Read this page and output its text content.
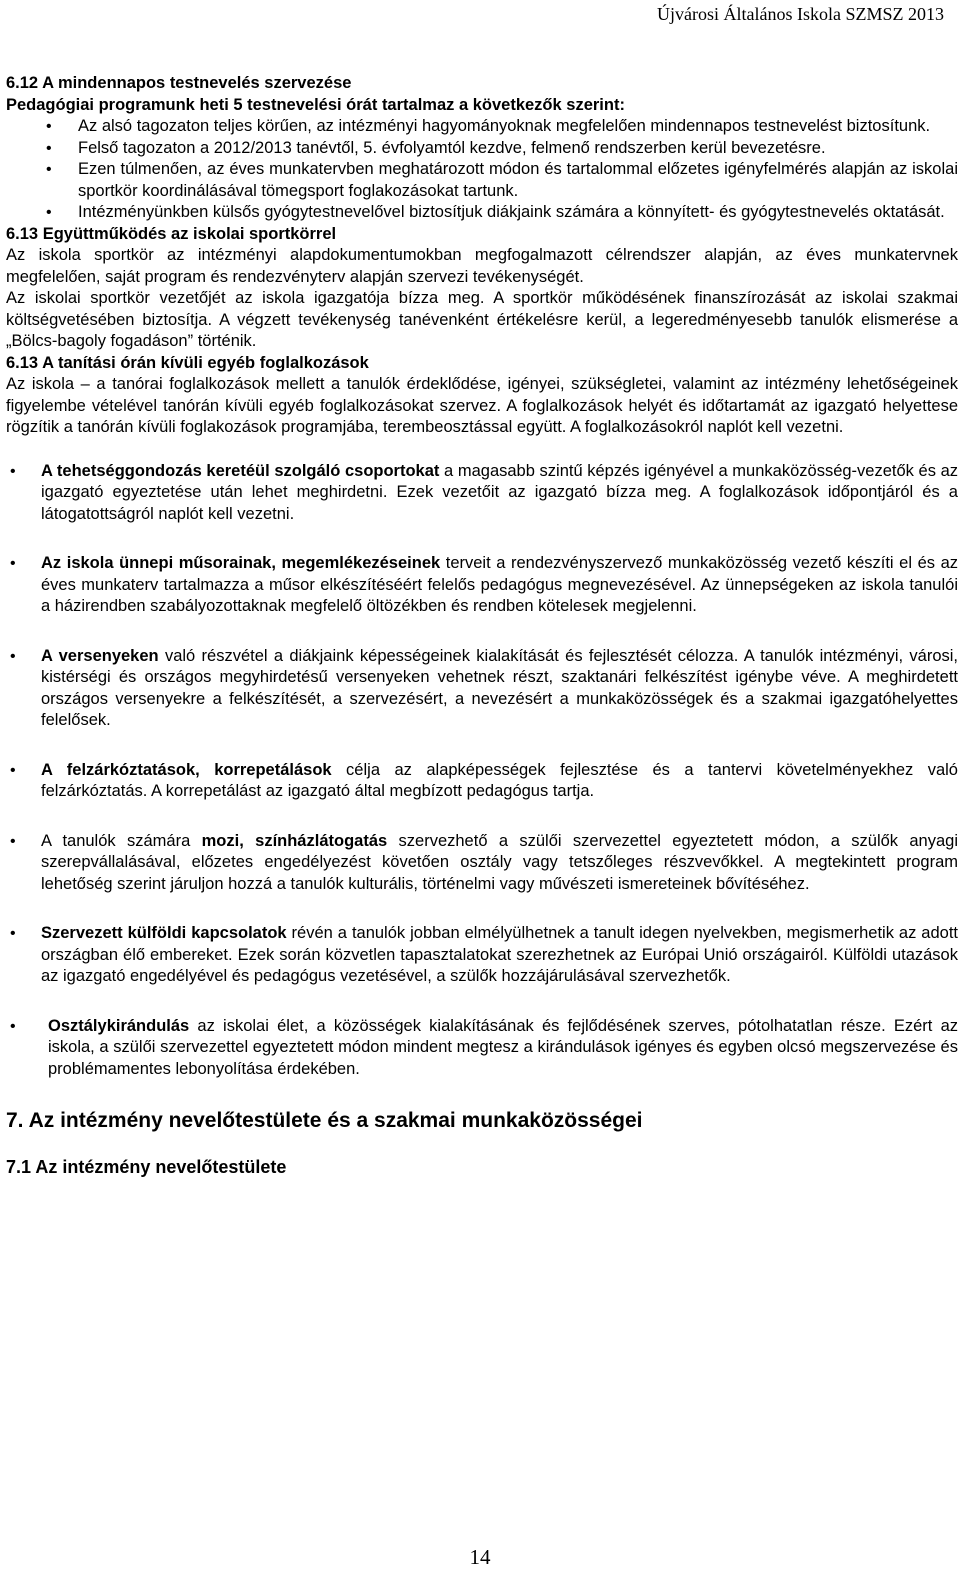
Újvárosi Általános Iskola SZMSZ 2013
6.12 A mindennapos testnevelés szervezése
Pedagógiai programunk heti 5 testnevelési órát tartalmaz a következők szerint:
• Az alsó tagozaton teljes körűen, az intézményi hagyományoknak megfelelően mindennapos testnevelést biztosítunk.
• Felső tagozaton a 2012/2013 tanévtől, 5. évfolyamtól kezdve, felmenő rendszerben kerül bevezetésre.
• Ezen túlmenően, az éves munkatervben meghatározott módon és tartalommal előzetes igényfelmérés alapján az iskolai sportkör koordinálásával tömegsport foglakozásokat tartunk.
• Intézményünkben külsős gyógytestnevelővel biztosítjuk diákjaink számára a könnyített- és gyógytestnevelés oktatását.
6.13 Együttműködés az iskolai sportkörrel
Az iskola sportkör az intézményi alapdokumentumokban megfogalmazott célrendszer alapján, az éves munkatervnek megfelelően, saját program és rendezvényterv alapján szervezi tevékenységét.
Az iskolai sportkör vezetőjét az iskola igazgatója bízza meg. A sportkör működésének finanszírozását az iskolai szakmai költségvetésében biztosítja. A végzett tevékenység tanévenként értékelésre kerül, a legeredményesebb tanulók elismerése a „Bölcs-bagoly fogadáson” történik.
6.13 A tanítási órán kívüli egyéb foglalkozások
Az iskola – a tanórai foglalkozások mellett a tanulók érdeklődése, igényei, szükségletei, valamint az intézmény lehetőségeinek figyelembe vételével tanórán kívüli egyéb foglalkozásokat szervez. A foglalkozások helyét és időtartamát az igazgató helyettese rögzítik a tanórán kívüli foglakozások programjába, terembeosztással együtt. A foglalkozásokról naplót kell vezetni.
• A tehetséggondozás keretéül szolgáló csoportokat a magasabb szintű képzés igényével a munkaközösség-vezetők és az igazgató egyeztetése után lehet meghirdetni. Ezek vezetőit az igazgató bízza meg. A foglalkozások időpontjáról és a látogatottságról naplót kell vezetni.
• Az iskola ünnepi műsorainak, megemlékezéseinek terveit a rendezvényszervező munkaközösség vezető készíti el és az éves munkaterv tartalmazza a műsor elkészítéséért felelős pedagógus megnevezésével. Az ünnepségeken az iskola tanulói a házirendben szabályozottaknak megfelelő öltözékben és rendben kötelesek megjelenni.
• A versenyeken való részvétel a diákjaink képességeinek kialakítását és fejlesztését célozza. A tanulók intézményi, városi, kistérségi és országos megyhirdetésű versenyeken vehetnek részt, szaktanári felkészítést igénybe véve. A meghirdetett országos versenyekre a felkészítését, a szervezésért, a nevezésért a munkaközösségek és a szakmai igazgatóhelyettes felelősek.
• A felzárkóztatások, korrepetálások célja az alapképességek fejlesztése és a tantervi követelményekhez való felzárkóztatás. A korrepetálást az igazgató által megbízott pedagógus tartja.
• A tanulók számára mozi, színházlátogatás szervezhető a szülői szervezettel egyeztetett módon, a szülők anyagi szerepvállalásával, előzetes engedélyezést követően osztály vagy tetszőleges részvevőkkel. A megtekintett program lehetőség szerint járuljon hozzá a tanulók kulturális, történelmi vagy művészeti ismereteinek bővítéséhez.
• Szervezett külföldi kapcsolatok révén a tanulók jobban elmélyülhetnek a tanult idegen nyelvekben, megismerhetik az adott országban élő embereket. Ezek során közvetlen tapasztalatokat szerezhetnek az Európai Unió országairól. Külföldi utazások az igazgató engedélyével és pedagógus vezetésével, a szülők hozzájárulásával szervezhetők.
• Osztálykirándulás az iskolai élet, a közösségek kialakításának és fejlődésének szerves, pótolhatatlan része. Ezért az iskola, a szülői szervezettel egyeztetett módon mindent megtesz a kirándulások igényes és egyben olcsó megszervezése és problémamentes lebonyolítása érdekében.
7. Az intézmény nevelőtestülete és a szakmai munkaközösségei
7.1 Az intézmény nevelőtestülete
14
